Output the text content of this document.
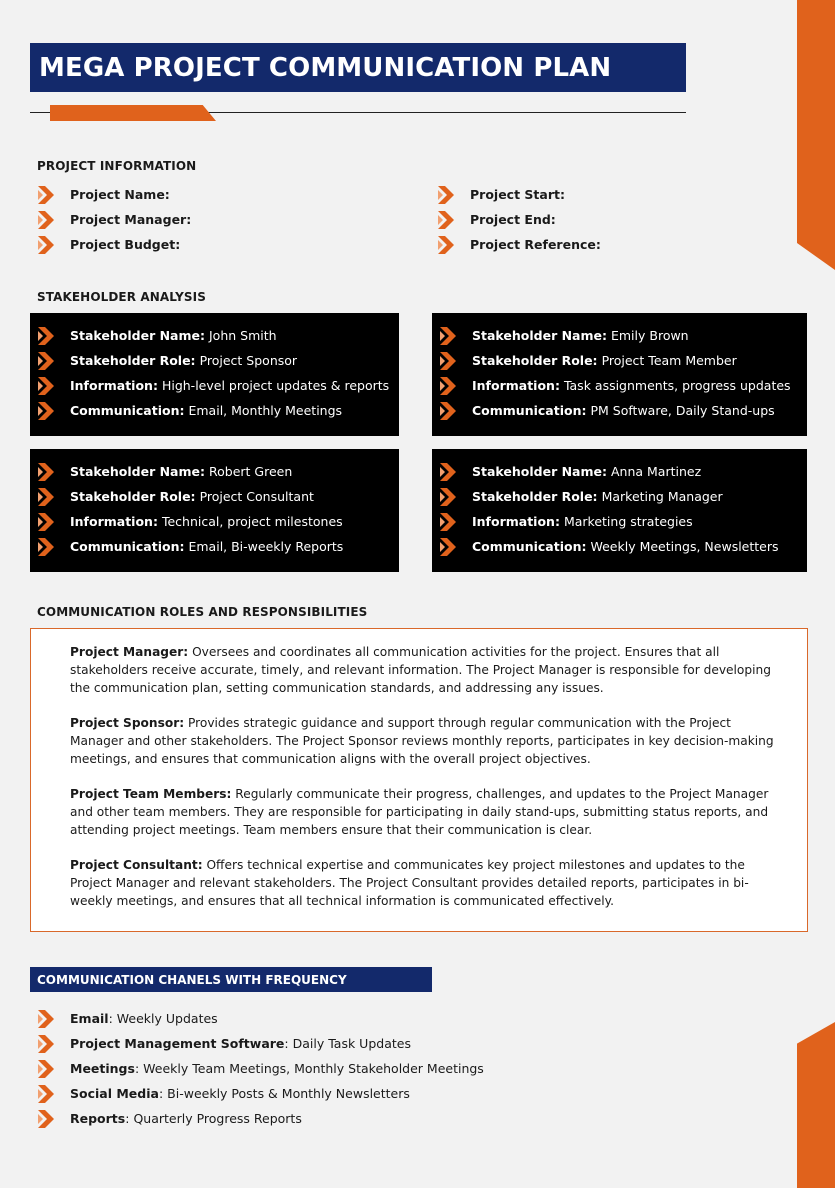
MEGA PROJECT COMMUNICATION PLAN
PROJECT INFORMATION
Project Name:
Project Manager:
Project Budget:
Project Start:
Project End:
Project Reference:
STAKEHOLDER ANALYSIS
Stakeholder Name: John Smith
Stakeholder Role: Project Sponsor
Information: High-level project updates & reports
Communication: Email, Monthly Meetings
Stakeholder Name: Emily Brown
Stakeholder Role: Project Team Member
Information: Task assignments, progress updates
Communication: PM Software, Daily Stand-ups
Stakeholder Name: Robert Green
Stakeholder Role: Project Consultant
Information: Technical, project milestones
Communication: Email, Bi-weekly Reports
Stakeholder Name: Anna Martinez
Stakeholder Role: Marketing Manager
Information: Marketing strategies
Communication: Weekly Meetings, Newsletters
COMMUNICATION ROLES AND RESPONSIBILITIES

Project Manager: Oversees and coordinates all communication activities for the project. Ensures that all stakeholders receive accurate, timely, and relevant information. The Project Manager is responsible for developing the communication plan, setting communication standards, and addressing any issues.

Project Sponsor: Provides strategic guidance and support through regular communication with the Project Manager and other stakeholders. The Project Sponsor reviews monthly reports, participates in key decision-making meetings, and ensures that communication aligns with the overall project objectives.

Project Team Members: Regularly communicate their progress, challenges, and updates to the Project Manager and other team members. They are responsible for participating in daily stand-ups, submitting status reports, and attending project meetings. Team members ensure that their communication is clear.

Project Consultant: Offers technical expertise and communicates key project milestones and updates to the Project Manager and relevant stakeholders. The Project Consultant provides detailed reports, participates in bi-weekly meetings, and ensures that all technical information is communicated effectively.

COMMUNICATION CHANELS WITH FREQUENCY
Email : Weekly Updates
Project Management Software : Daily Task Updates
Meetings : Weekly Team Meetings, Monthly Stakeholder Meetings
Social Media : Bi-weekly Posts & Monthly Newsletters
Reports : Quarterly Progress Reports
